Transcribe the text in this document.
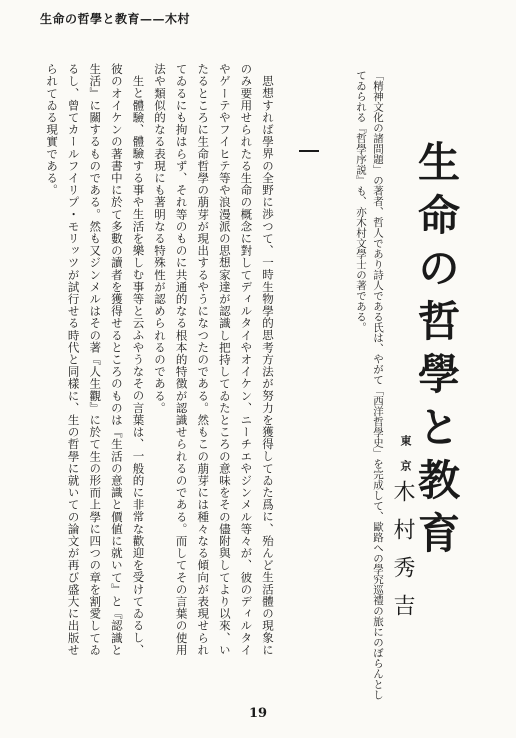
生命の哲學と教育——木村
生命の哲學と教育
「精神文化の諸問題」の著者、哲人であり詩人である氏は、やがて「西洋哲學史」を完成して、歐路への學究巡禮の旅にのぼらんとしてゐられる『哲學序説』も、亦木村文學士の著である。
東京
木村秀吉

思想すれば學界の全野に渉つて、一時生物學的思考方法が努力を獲得してゐた爲に、殆んど生活體の現象にのみ要用せられたる生命の概念に對してディルタイやオイケン、ニーチエやジンメル等々が、彼のディルタイやゲーテやフイヒテ等や浪漫派の思想家達が認識し把持してゐたところの意味をその儘附與してより以來、いたるところに生命哲學の萠芽が現出するやうになつたのである。然もこの萠芽には種々なる傾向が表現せられてゐるにも拘はらず、それ等のものに共通的なる根本的特徴が認識せられるのである。而してその言葉の使用法や類似的なる表現にも著明なる特殊性が認められるのである。

生と體驗、體驗する事や生活を樂しむ事等と云ふやうなその言葉は、一般的に非常な歡迎を受けてゐるし、彼のオイケンの著書中に於て多數の讀者を獲得せるところのものは『生活の意識と價値に就いて』と『認識と生活』に關するものである。然も又ジンメルはその著『人生觀』に於て生の形而上學に四つの章を割愛してゐるし、曾てカールフイリプ・モリッツが試行せる時代と同樣に、生の哲學に就いての論文が再び盛大に出版せられてゐる現實である。

19
